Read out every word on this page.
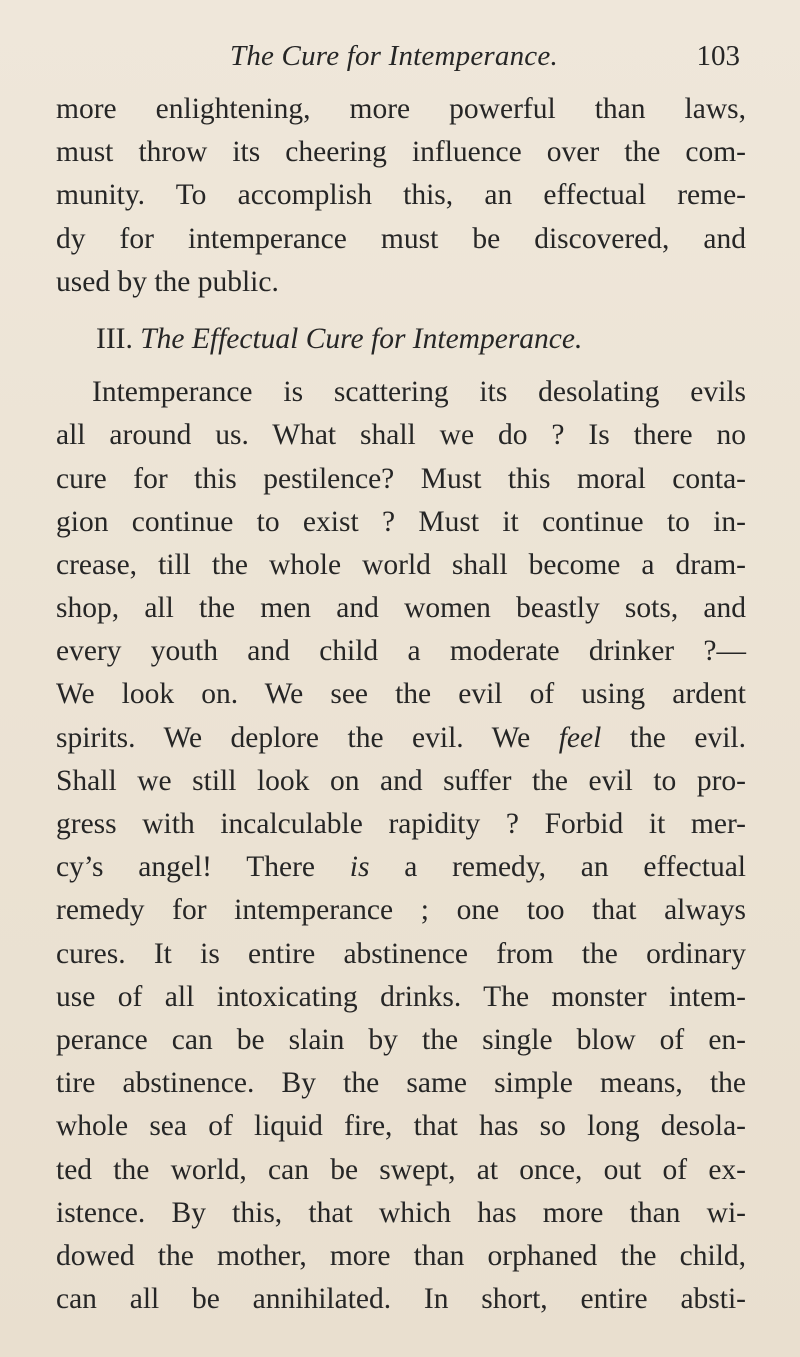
The Cure for Intemperance.	103
more enlightening, more powerful than laws,
must throw its cheering influence over the com-
munity. To accomplish this, an effectual reme-
dy for intemperance must be discovered, and
used by the public.
III. The Effectual Cure for Intemperance.
Intemperance is scattering its desolating evils
all around us. What shall we do ? Is there no
cure for this pestilence? Must this moral conta-
gion continue to exist ? Must it continue to in-
crease, till the whole world shall become a dram-
shop, all the men and women beastly sots, and
every youth and child a moderate drinker ?—
We look on. We see the evil of using ardent
spirits. We deplore the evil. We feel the evil.
Shall we still look on and suffer the evil to pro-
gress with incalculable rapidity ? Forbid it mer-
cy’s angel! There is a remedy, an effectual
remedy for intemperance ; one too that always
cures. It is entire abstinence from the ordinary
use of all intoxicating drinks. The monster intem-
perance can be slain by the single blow of en-
tire abstinence. By the same simple means, the
whole sea of liquid fire, that has so long desola-
ted the world, can be swept, at once, out of ex-
istence. By this, that which has more than wi-
dowed the mother, more than orphaned the child,
can all be annihilated. In short, entire absti-
